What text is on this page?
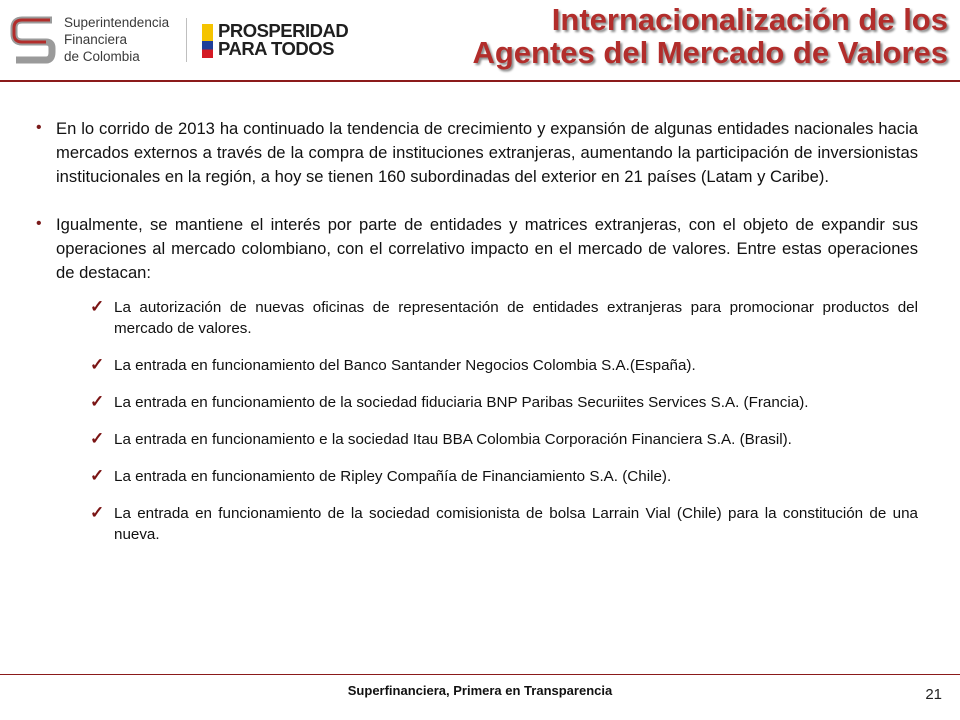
Superintendencia
Financiera
de Colombia
PROSPERIDAD
PARA TODOS
Internacionalización de los
Agentes del Mercado de Valores
• En lo corrido de 2013 ha continuado la tendencia de crecimiento y expansión de algunas entidades nacionales hacia mercados externos a través de la compra de instituciones extranjeras, aumentando la participación de inversionistas institucionales en la región, a hoy se tienen 160 subordinadas del exterior en 21 países (Latam y Caribe).
• Igualmente, se mantiene el interés por parte de entidades y matrices extranjeras, con el objeto de expandir sus operaciones al mercado colombiano, con el correlativo impacto en el mercado de valores. Entre estas operaciones de destacan:
✓ La autorización de nuevas oficinas de representación de entidades extranjeras para promocionar productos del mercado de valores.
✓ La entrada en funcionamiento del Banco Santander Negocios Colombia S.A.(España).
✓ La entrada en funcionamiento de la sociedad fiduciaria BNP Paribas Securiites Services S.A. (Francia).
✓ La entrada en funcionamiento e la sociedad Itau BBA Colombia Corporación Financiera S.A. (Brasil).
✓ La entrada en funcionamiento de Ripley Compañía de Financiamiento S.A. (Chile).
✓ La entrada en funcionamiento de la sociedad comisionista de bolsa Larrain Vial (Chile) para la constitución de una nueva.
Superfinanciera, Primera en Transparencia	21
